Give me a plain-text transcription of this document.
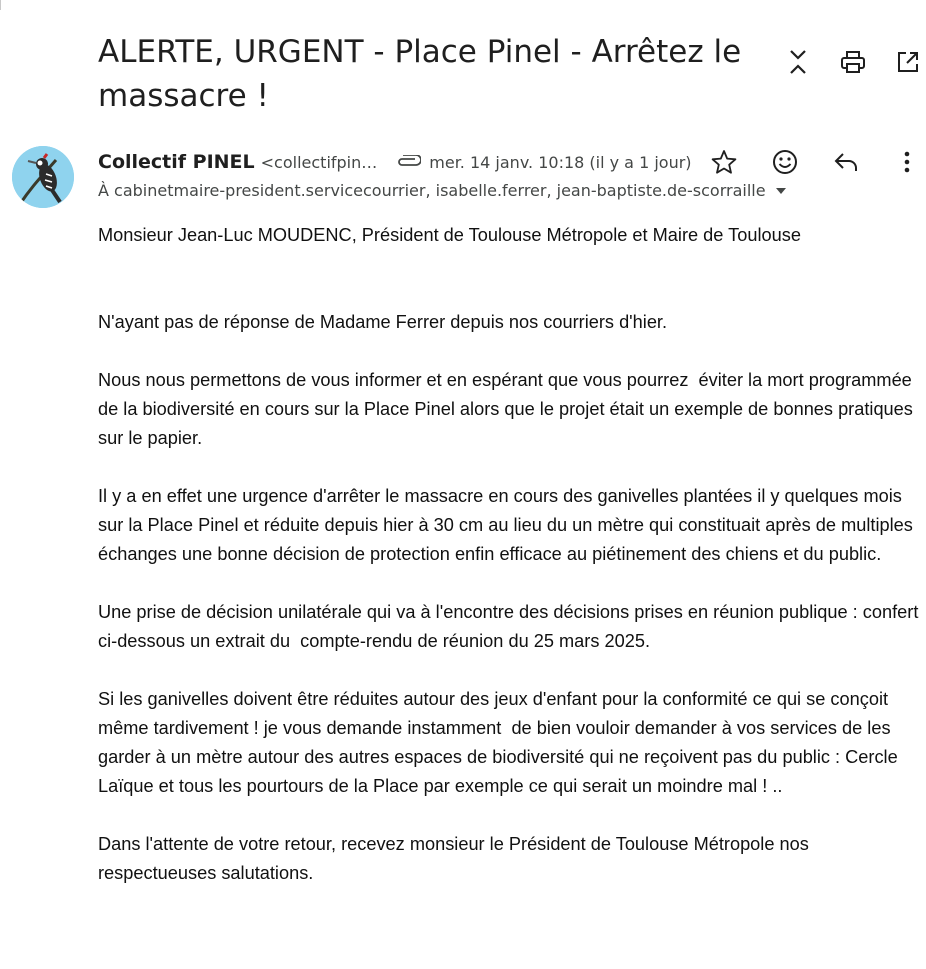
ALERTE, URGENT - Place Pinel - Arrêtez le massacre !
Collectif PINEL <collectifpin…	mer. 14 janv. 10:18 (il y a 1 jour)
À cabinetmaire-president.servicecourrier, isabelle.ferrer, jean-baptiste.de-scorraille

Monsieur Jean-Luc MOUDENC, Président de Toulouse Métropole et Maire de Toulouse

N'ayant pas de réponse de Madame Ferrer depuis nos courriers d'hier.

Nous nous permettons de vous informer et en espérant que vous pourrez  éviter la mort programmée de la biodiversité en cours sur la Place Pinel alors que le projet était un exemple de bonnes pratiques sur le papier.

Il y a en effet une urgence d'arrêter le massacre en cours des ganivelles plantées il y quelques mois sur la Place Pinel et réduite depuis hier à 30 cm au lieu du un mètre qui constituait après de multiples échanges une bonne décision de protection enfin efficace au piétinement des chiens et du public.

Une prise de décision unilatérale qui va à l'encontre des décisions prises en réunion publique : confert ci-dessous un extrait du  compte-rendu de réunion du 25 mars 2025.

Si les ganivelles doivent être réduites autour des jeux d'enfant pour la conformité ce qui se conçoit même tardivement ! je vous demande instamment  de bien vouloir demander à vos services de les garder à un mètre autour des autres espaces de biodiversité qui ne reçoivent pas du public : Cercle Laïque et tous les pourtours de la Place par exemple ce qui serait un moindre mal ! ..

Dans l'attente de votre retour, recevez monsieur le Président de Toulouse Métropole nos respectueuses salutations.
